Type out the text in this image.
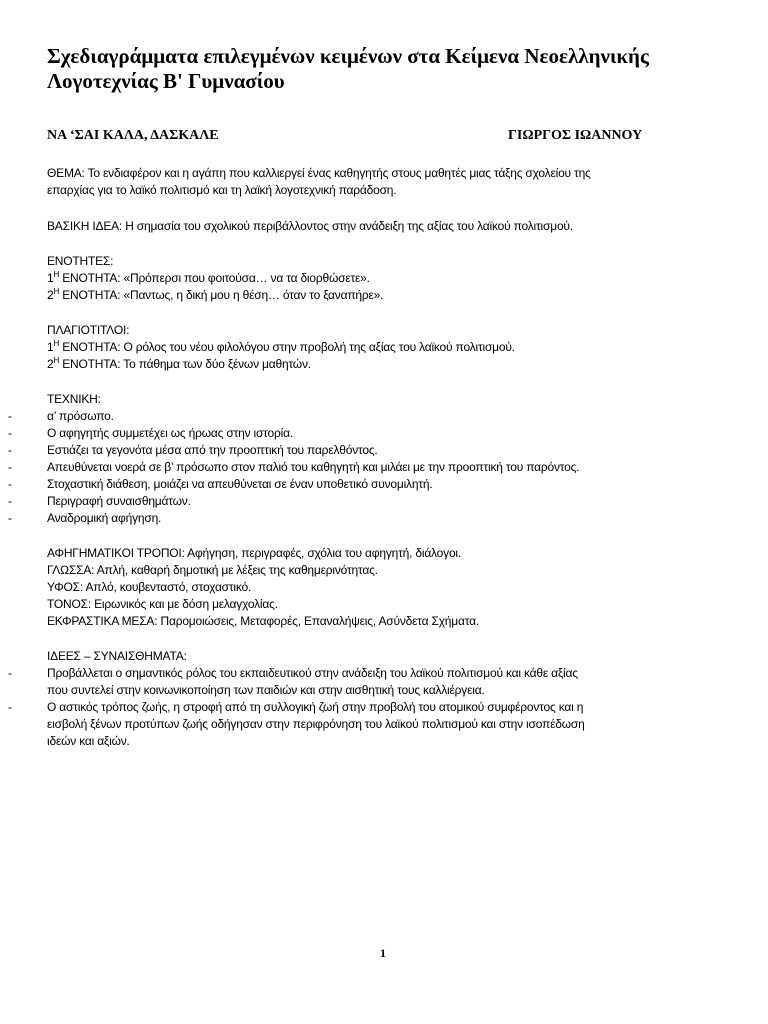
Σχεδιαγράμματα επιλεγμένων κειμένων στα Κείμενα Νεοελληνικής Λογοτεχνίας Β' Γυμνασίου
ΝΑ ‘ΣΑΙ ΚΑΛΑ, ΔΑΣΚΑΛΕ	ΓΙΩΡΓΟΣ ΙΩΑΝΝΟΥ
ΘΕΜΑ: Το ενδιαφέρον και η αγάπη που καλλιεργεί ένας καθηγητής στους μαθητές μιας τάξης σχολείου της
επαρχίας για το λαϊκό πολιτισμό και τη λαϊκή λογοτεχνική παράδοση.
ΒΑΣΙΚΗ ΙΔΕΑ: Η σημασία του σχολικού περιβάλλοντος στην ανάδειξη της αξίας του λαϊκού πολιτισμού.
ΕΝΟΤΗΤΕΣ:
$1^H$ ΕΝΟΤΗΤΑ: «Πρόπερσι που φοιτούσα… να τα διορθώσετε».
$2^H$ ΕΝΟΤΗΤΑ: «Παντως, η δική μου η θέση… όταν το ξαναπήρε».
ΠΛΑΓΙΟΤΙΤΛΟΙ:
$1^H$ ΕΝΟΤΗΤΑ: Ο ρόλος του νέου φιλολόγου στην προβολή της αξίας του λαϊκού πολιτισμού.
$2^H$ ΕΝΟΤΗΤΑ: Το πάθημα των δύο ξένων μαθητών.
ΤΕΧΝΙΚΗ:
-	α’ πρόσωπο.
-	Ο αφηγητής συμμετέχει ως ήρωας στην ιστορία.
-	Εστιάζει τα γεγονότα μέσα από την προοπτική του παρελθόντος.
-	Απευθύνεται νοερά σε β’ πρόσωπο στον παλιό του καθηγητή και μιλάει με την προοπτική του παρόντος.
-	Στοχαστική διάθεση, μοιάζει να απευθύνεται σε έναν υποθετικό συνομιλητή.
-	Περιγραφή συναισθημάτων.
-	Αναδρομική αφήγηση.
ΑΦΗΓΗΜΑΤΙΚΟΙ ΤΡΟΠΟΙ: Αφήγηση, περιγραφές, σχόλια του αφηγητή, διάλογοι.
ΓΛΩΣΣΑ: Απλή, καθαρή δημοτική με λέξεις της καθημερινότητας.
ΥΦΟΣ: Απλό, κουβενταστό, στοχαστικό.
ΤΟΝΟΣ: Ειρωνικός και με δόση μελαγχολίας.
ΕΚΦΡΑΣΤΙΚΑ ΜΕΣΑ: Παρομοιώσεις, Μεταφορές, Επαναλήψεις, Ασύνδετα Σχήματα.
ΙΔΕΕΣ – ΣΥΝΑΙΣΘΗΜΑΤΑ:
-	Προβάλλεται ο σημαντικός ρόλος του εκπαιδευτικού στην ανάδειξη του λαϊκού πολιτισμού και κάθε αξίας
που συντελεί στην κοινωνικοποίηση των παιδιών και στην αισθητική τους καλλιέργεια.
-	Ο αστικός τρόπος ζωής, η στροφή από τη συλλογική ζωή στην προβολή του ατομικού συμφέροντος και η
εισβολή ξένων προτύπων ζωής οδήγησαν στην περιφρόνηση του λαϊκού πολιτισμού και στην ισοπέδωση
ιδεών και αξιών.
1
